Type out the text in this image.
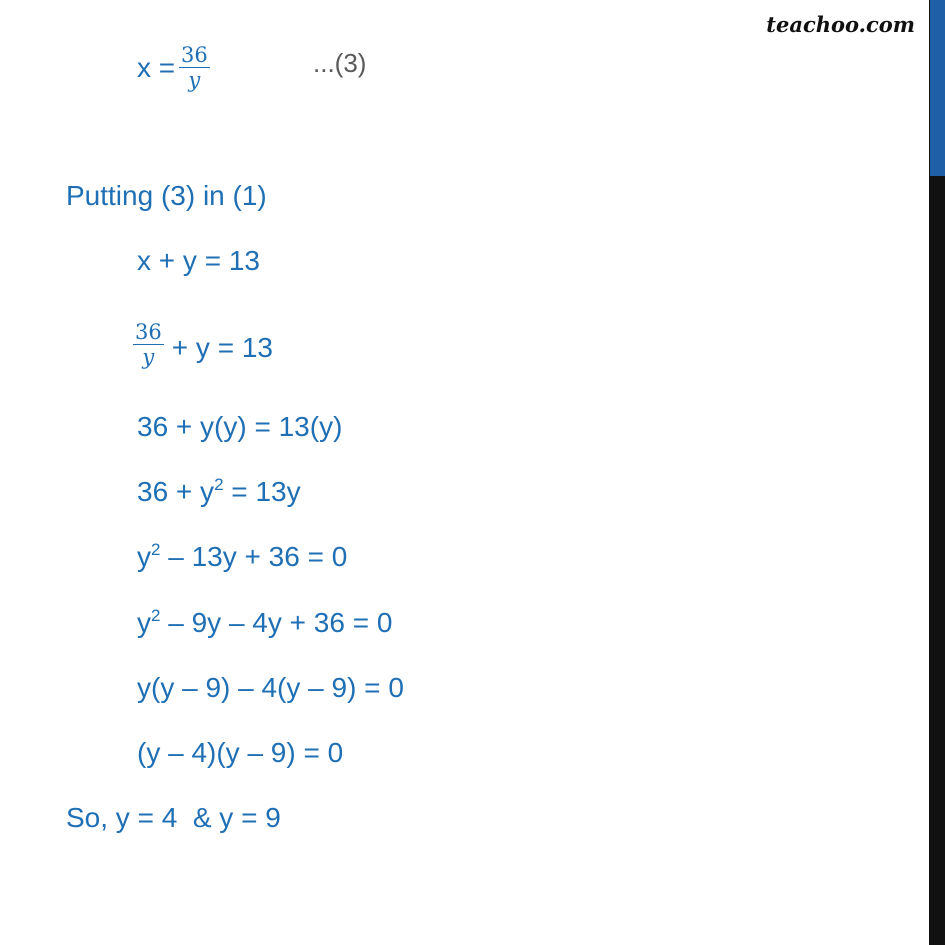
teachoo.com
x =
$\frac{36}{y}$	...(3)
Putting (3) in (1)
x + y = 13
$\frac{36}{y} + y = 13$
36 + y(y) = 13(y)
$36 + y^2 = 13y$
$y^2 - 13y + 36 = 0$
$y^2 - 9y - 4y + 36 = 0$
y(y – 9) – 4(y – 9) = 0
(y – 4)(y – 9) = 0
So, y = 4  & y = 9
